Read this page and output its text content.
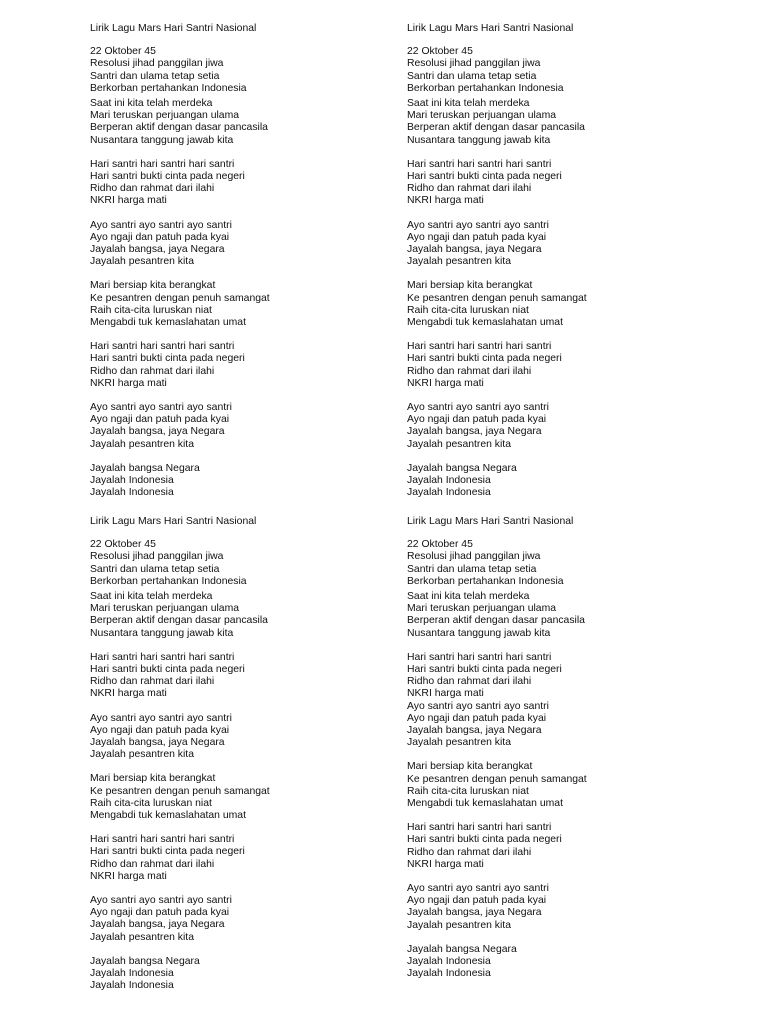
Lirik Lagu Mars Hari Santri Nasional
22 Oktober 45
Resolusi jihad panggilan jiwa
Santri dan ulama tetap setia
Berkorban pertahankan Indonesia
Saat ini kita telah merdeka
Mari teruskan perjuangan ulama
Berperan aktif dengan dasar pancasila
Nusantara tanggung jawab kita
Hari santri hari santri hari santri
Hari santri bukti cinta pada negeri
Ridho dan rahmat dari ilahi
NKRI harga mati
Ayo santri ayo santri ayo santri
Ayo ngaji dan patuh pada kyai
Jayalah bangsa, jaya Negara
Jayalah pesantren kita
Mari bersiap kita berangkat
Ke pesantren dengan penuh samangat
Raih cita-cita luruskan niat
Mengabdi tuk kemaslahatan umat
Hari santri hari santri hari santri
Hari santri bukti cinta pada negeri
Ridho dan rahmat dari ilahi
NKRI harga mati
Ayo santri ayo santri ayo santri
Ayo ngaji dan patuh pada kyai
Jayalah bangsa, jaya Negara
Jayalah pesantren kita
Jayalah bangsa Negara
Jayalah Indonesia
Jayalah Indonesia
Lirik Lagu Mars Hari Santri Nasional
22 Oktober 45
Resolusi jihad panggilan jiwa
Santri dan ulama tetap setia
Berkorban pertahankan Indonesia
Saat ini kita telah merdeka
Mari teruskan perjuangan ulama
Berperan aktif dengan dasar pancasila
Nusantara tanggung jawab kita
Hari santri hari santri hari santri
Hari santri bukti cinta pada negeri
Ridho dan rahmat dari ilahi
NKRI harga mati
Ayo santri ayo santri ayo santri
Ayo ngaji dan patuh pada kyai
Jayalah bangsa, jaya Negara
Jayalah pesantren kita
Mari bersiap kita berangkat
Ke pesantren dengan penuh samangat
Raih cita-cita luruskan niat
Mengabdi tuk kemaslahatan umat
Hari santri hari santri hari santri
Hari santri bukti cinta pada negeri
Ridho dan rahmat dari ilahi
NKRI harga mati
Ayo santri ayo santri ayo santri
Ayo ngaji dan patuh pada kyai
Jayalah bangsa, jaya Negara
Jayalah pesantren kita
Jayalah bangsa Negara
Jayalah Indonesia
Jayalah Indonesia
Lirik Lagu Mars Hari Santri Nasional
22 Oktober 45
Resolusi jihad panggilan jiwa
Santri dan ulama tetap setia
Berkorban pertahankan Indonesia
Saat ini kita telah merdeka
Mari teruskan perjuangan ulama
Berperan aktif dengan dasar pancasila
Nusantara tanggung jawab kita
Hari santri hari santri hari santri
Hari santri bukti cinta pada negeri
Ridho dan rahmat dari ilahi
NKRI harga mati
Ayo santri ayo santri ayo santri
Ayo ngaji dan patuh pada kyai
Jayalah bangsa, jaya Negara
Jayalah pesantren kita
Mari bersiap kita berangkat
Ke pesantren dengan penuh samangat
Raih cita-cita luruskan niat
Mengabdi tuk kemaslahatan umat
Hari santri hari santri hari santri
Hari santri bukti cinta pada negeri
Ridho dan rahmat dari ilahi
NKRI harga mati
Ayo santri ayo santri ayo santri
Ayo ngaji dan patuh pada kyai
Jayalah bangsa, jaya Negara
Jayalah pesantren kita
Jayalah bangsa Negara
Jayalah Indonesia
Jayalah Indonesia
Lirik Lagu Mars Hari Santri Nasional
22 Oktober 45
Resolusi jihad panggilan jiwa
Santri dan ulama tetap setia
Berkorban pertahankan Indonesia
Saat ini kita telah merdeka
Mari teruskan perjuangan ulama
Berperan aktif dengan dasar pancasila
Nusantara tanggung jawab kita
Hari santri hari santri hari santri
Hari santri bukti cinta pada negeri
Ridho dan rahmat dari ilahi
NKRI harga mati
Ayo santri ayo santri ayo santri
Ayo ngaji dan patuh pada kyai
Jayalah bangsa, jaya Negara
Jayalah pesantren kita
Mari bersiap kita berangkat
Ke pesantren dengan penuh samangat
Raih cita-cita luruskan niat
Mengabdi tuk kemaslahatan umat
Hari santri hari santri hari santri
Hari santri bukti cinta pada negeri
Ridho dan rahmat dari ilahi
NKRI harga mati
Ayo santri ayo santri ayo santri
Ayo ngaji dan patuh pada kyai
Jayalah bangsa, jaya Negara
Jayalah pesantren kita
Jayalah bangsa Negara
Jayalah Indonesia
Jayalah Indonesia
